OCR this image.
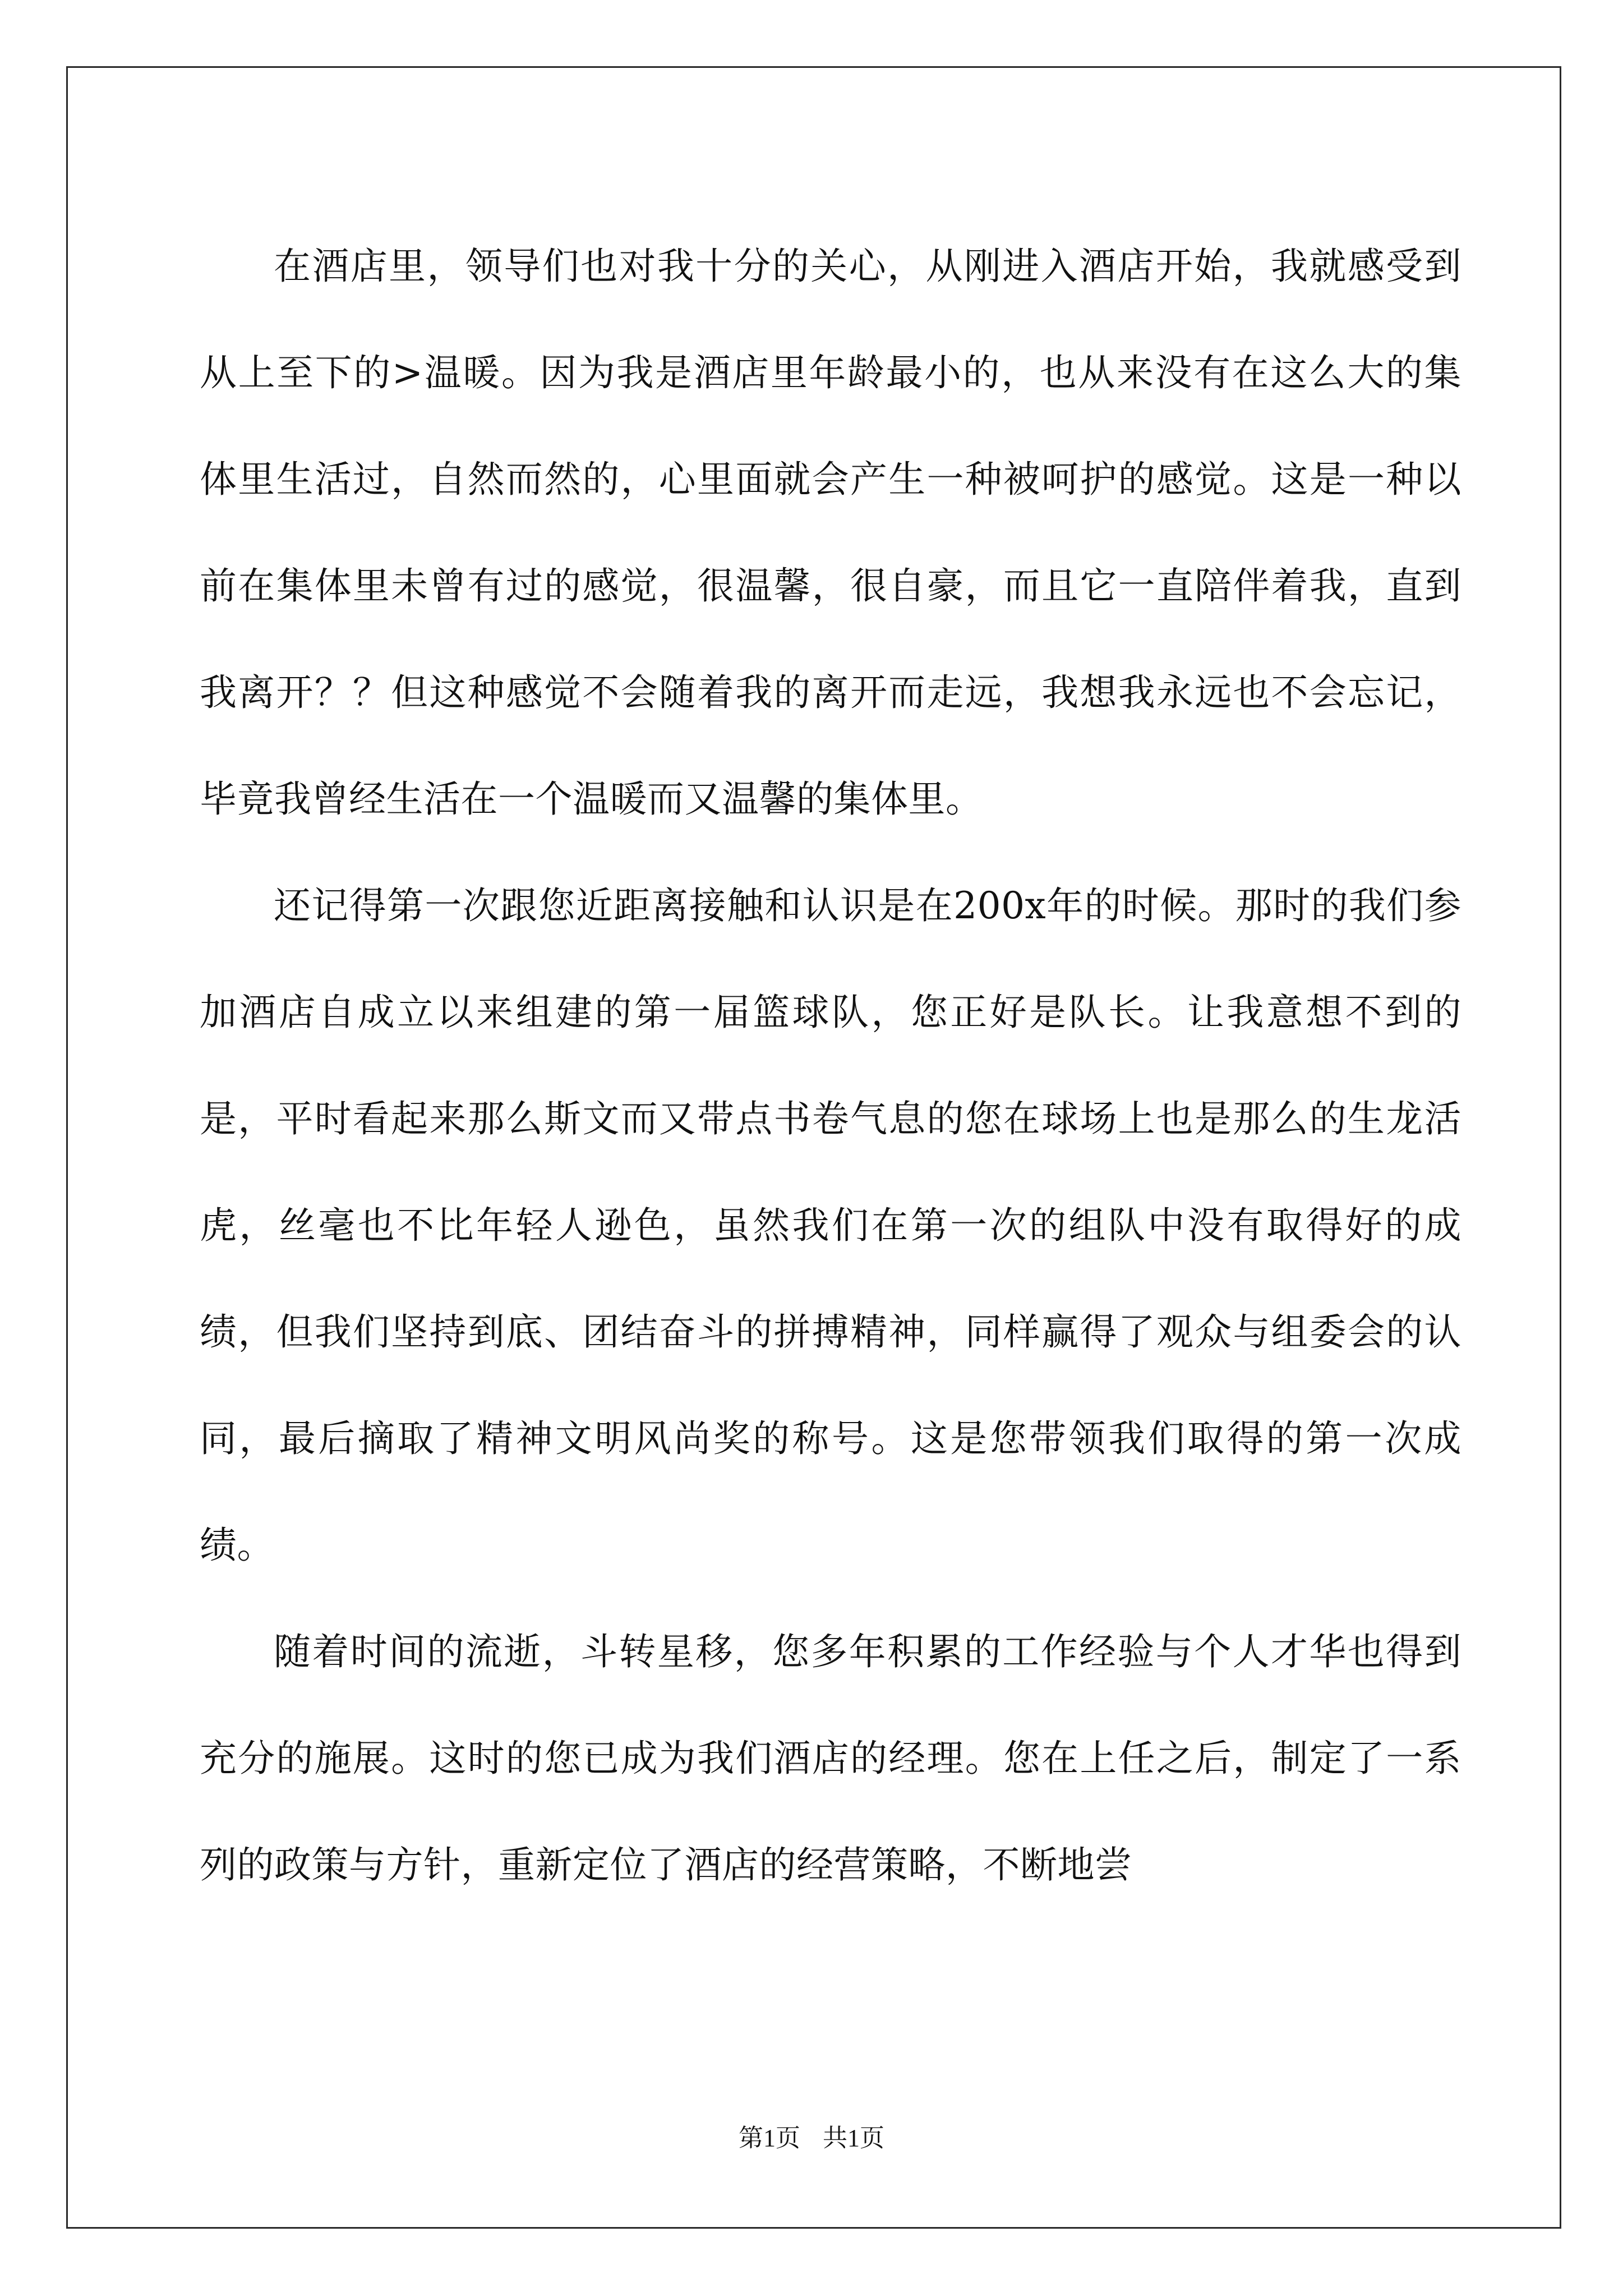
在酒店里，领导们也对我十分的关心，从刚进入酒店开始，我就感受到从上至下的>温暖。因为我是酒店里年龄最小的，也从来没有在这么大的集体里生活过，自然而然的，心里面就会产生一种被呵护的感觉。这是一种以前在集体里未曾有过的感觉，很温馨，很自豪，而且它一直陪伴着我，直到我离开？？但这种感觉不会随着我的离开而走远，我想我永远也不会忘记，毕竟我曾经生活在一个温暖而又温馨的集体里。

还记得第一次跟您近距离接触和认识是在200x年的时候。那时的我们参加酒店自成立以来组建的第一届篮球队，您正好是队长。让我意想不到的是，平时看起来那么斯文而又带点书卷气息的您在球场上也是那么的生龙活虎，丝毫也不比年轻人逊色，虽然我们在第一次的组队中没有取得好的成绩，但我们坚持到底、团结奋斗的拼搏精神，同样赢得了观众与组委会的认同，最后摘取了精神文明风尚奖的称号。这是您带领我们取得的第一次成绩。

随着时间的流逝，斗转星移，您多年积累的工作经验与个人才华也得到充分的施展。这时的您已成为我们酒店的经理。您在上任之后，制定了一系列的政策与方针，重新定位了酒店的经营策略，不断地尝

第1页 共1页
